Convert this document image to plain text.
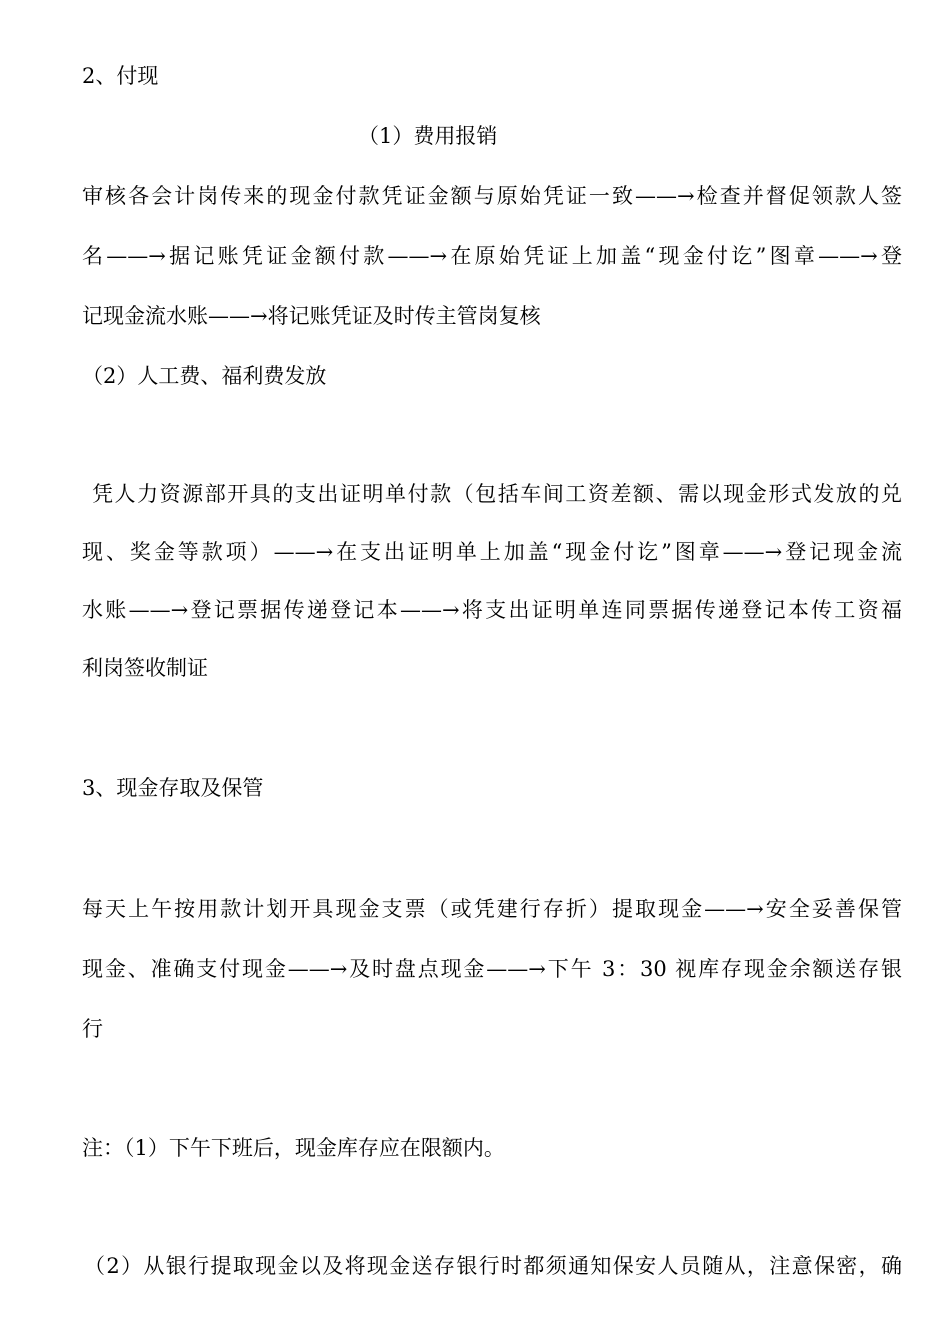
2、付现

（1）费用报销

审核各会计岗传来的现金付款凭证金额与原始凭证一致——→检查并督促领款人签

名——→据记账凭证金额付款——→在原始凭证上加盖“现金付讫”图章——→登

记现金流水账——→将记账凭证及时传主管岗复核

（2）人工费、福利费发放

凭人力资源部开具的支出证明单付款（包括车间工资差额、需以现金形式发放的兑

现、奖金等款项）——→在支出证明单上加盖“现金付讫”图章——→登记现金流

水账——→登记票据传递登记本——→将支出证明单连同票据传递登记本传工资福

利岗签收制证

3、现金存取及保管

每天上午按用款计划开具现金支票（或凭建行存折）提取现金——→安全妥善保管

现金、准确支付现金——→及时盘点现金——→下午 3：30 视库存现金余额送存银

行

注：（1）下午下班后，现金库存应在限额内。

（2）从银行提取现金以及将现金送存银行时都须通知保安人员随从，注意保密，确
